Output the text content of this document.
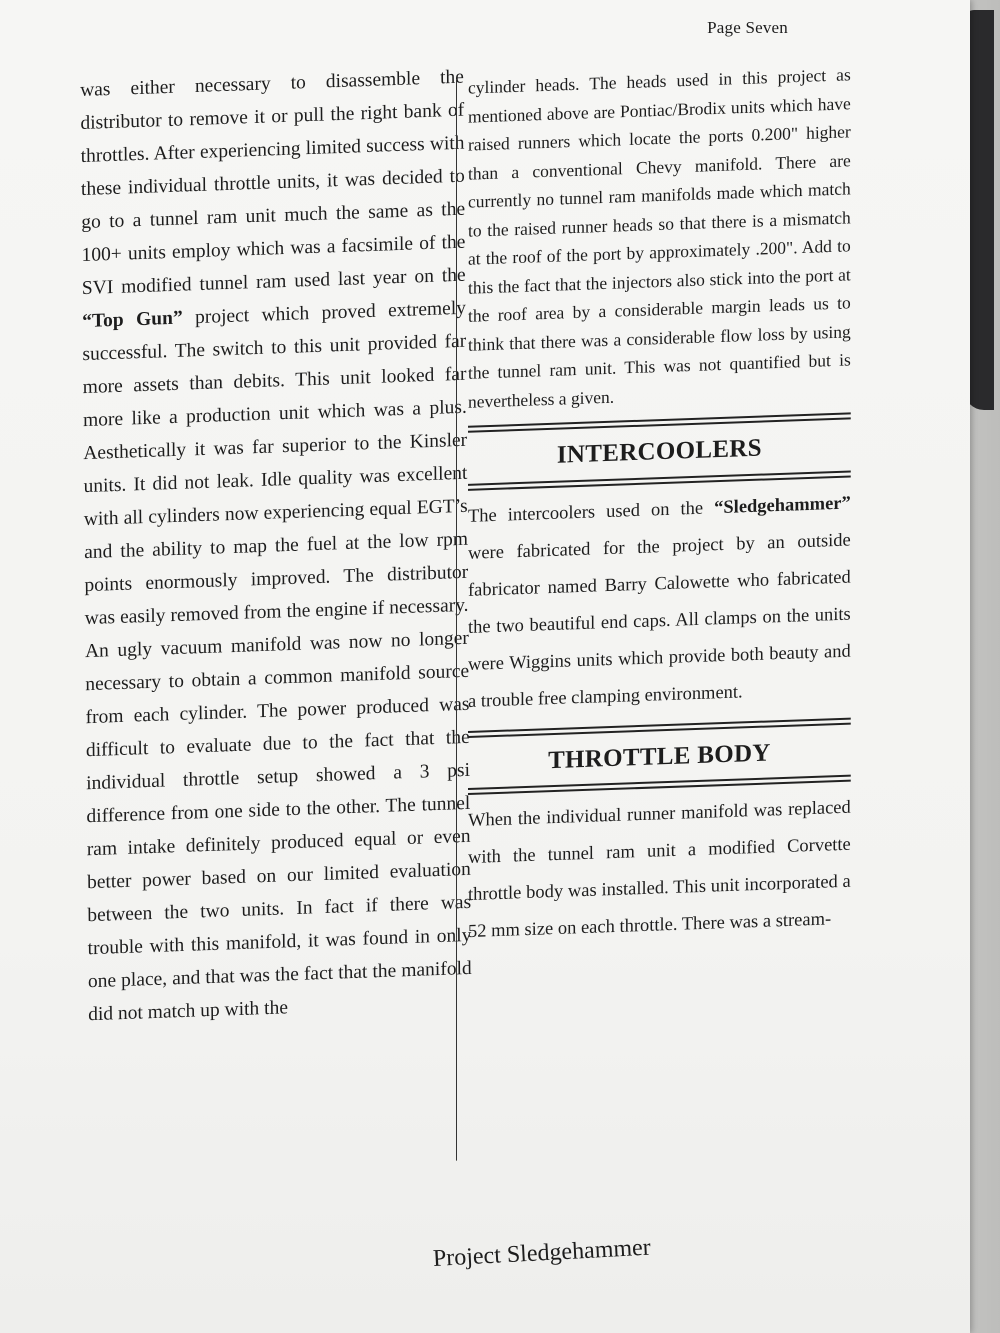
Page Seven

was either necessary to disassemble the distributor to remove it or pull the right bank of throttles. After experiencing limited success with these individual throttle units, it was decided to go to a tunnel ram unit much the same as the 100+ units employ which was a facsimile of the SVI modified tunnel ram used last year on the “Top Gun” project which proved extremely successful. The switch to this unit provided far more assets than debits. This unit looked far more like a production unit which was a plus. Aesthetically it was far superior to the Kinsler units. It did not leak. Idle quality was excellent with all cylinders now experiencing equal EGT’s and the ability to map the fuel at the low rpm points enormously improved. The distributor was easily removed from the engine if necessary. An ugly vacuum manifold was now no longer necessary to obtain a common manifold source from each cylinder. The power produced was difficult to evaluate due to the fact that the individual throttle setup showed a 3 psi difference from one side to the other. The tunnel ram intake definitely produced equal or even better power based on our limited evaluation between the two units. In fact if there was trouble with this manifold, it was found in only one place, and that was the fact that the manifold did not match up with the

cylinder heads. The heads used in this project as mentioned above are Pontiac/Brodix units which have raised runners which locate the ports 0.200" higher than a conventional Chevy manifold. There are currently no tunnel ram manifolds made which match to the raised runner heads so that there is a mismatch at the roof of the port by approximately .200". Add to this the fact that the injectors also stick into the port at the roof area by a considerable margin leads us to think that there was a considerable flow loss by using the tunnel ram unit. This was not quantified but is nevertheless a given.

INTERCOOLERS

The intercoolers used on the “Sledgehammer” were fabricated for the project by an outside fabricator named Barry Calowette who fabricated the two beautiful end caps. All clamps on the units were Wiggins units which provide both beauty and a trouble free clamping environment.

THROTTLE BODY

When the individual runner manifold was replaced with the tunnel ram unit a modified Corvette throttle body was installed. This unit incorporated a 52 mm size on each throttle. There was a stream-

Project Sledgehammer
